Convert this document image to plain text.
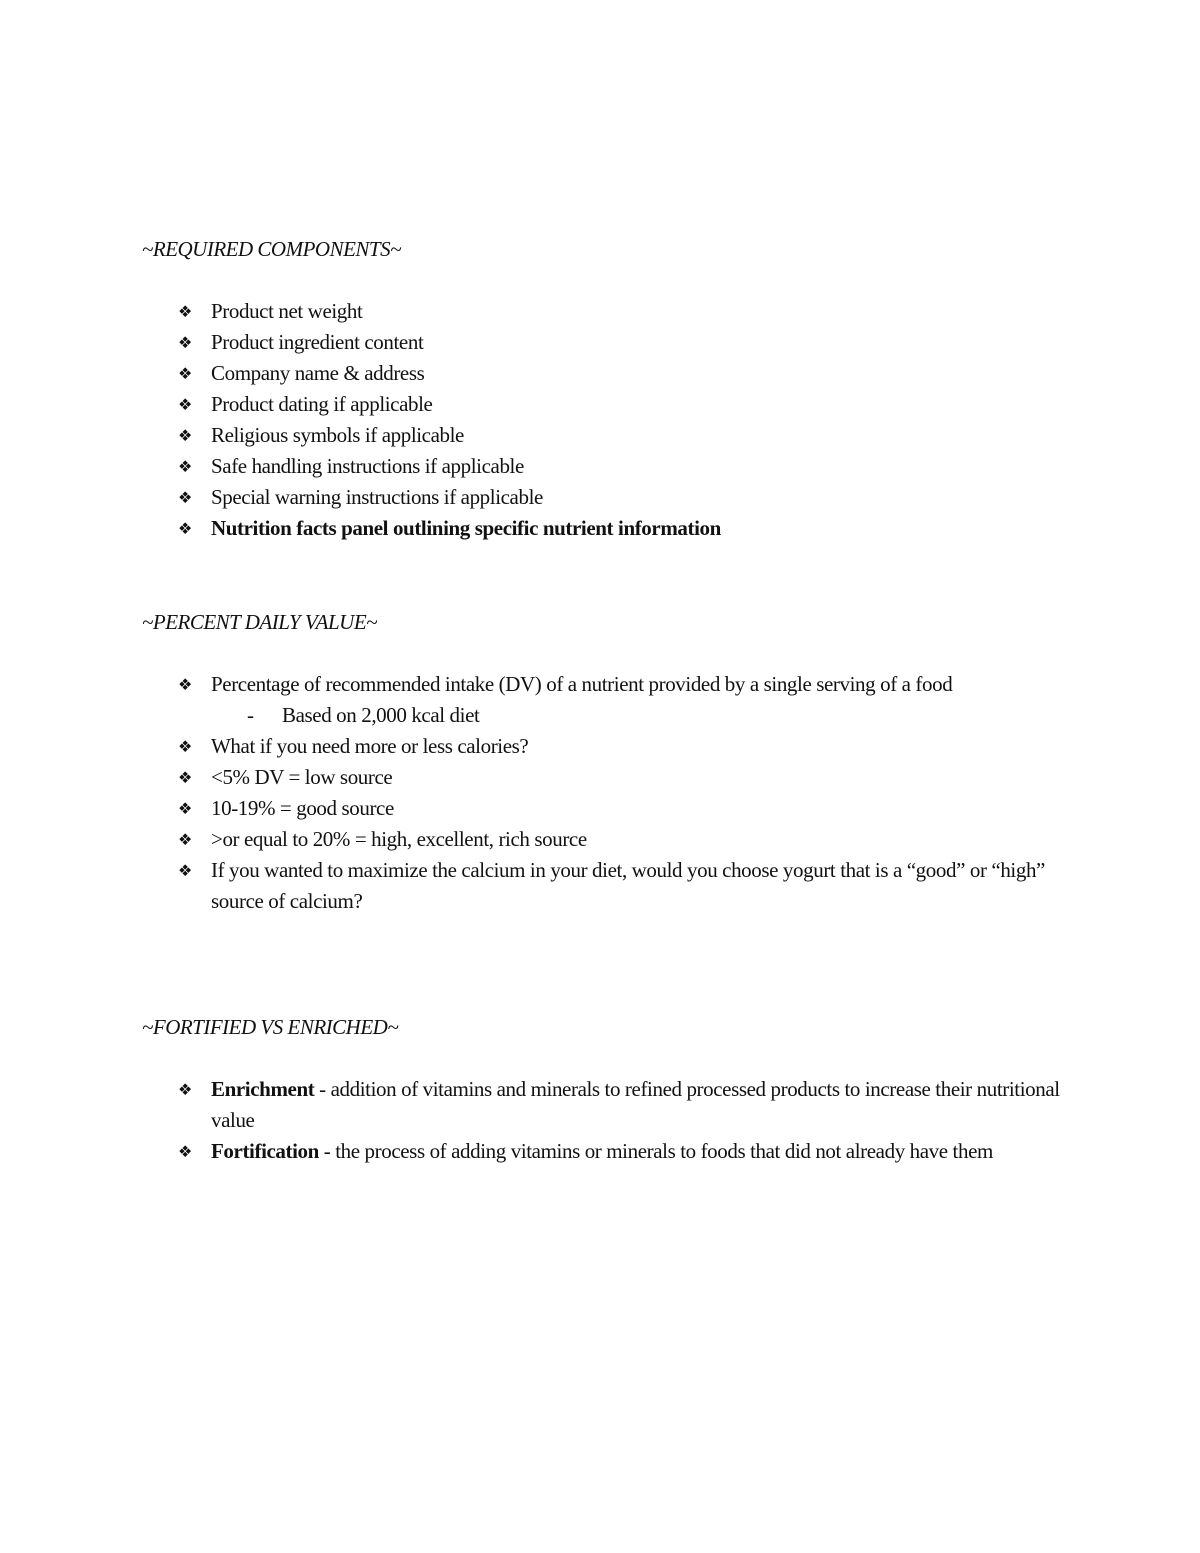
~REQUIRED COMPONENTS~

❖ Product net weight
❖ Product ingredient content
❖ Company name & address
❖ Product dating if applicable
❖ Religious symbols if applicable
❖ Safe handling instructions if applicable
❖ Special warning instructions if applicable
❖ Nutrition facts panel outlining specific nutrient information

~PERCENT DAILY VALUE~

❖ Percentage of recommended intake (DV) of a nutrient provided by a single serving of a food
- Based on 2,000 kcal diet
❖ What if you need more or less calories?
❖ <5% DV = low source
❖ 10-19% = good source
❖ >or equal to 20% = high, excellent, rich source
❖ If you wanted to maximize the calcium in your diet, would you choose yogurt that is a “good” or “high” source of calcium?

~FORTIFIED VS ENRICHED~

❖ Enrichment - addition of vitamins and minerals to refined processed products to increase their nutritional value
❖ Fortification - the process of adding vitamins or minerals to foods that did not already have them
